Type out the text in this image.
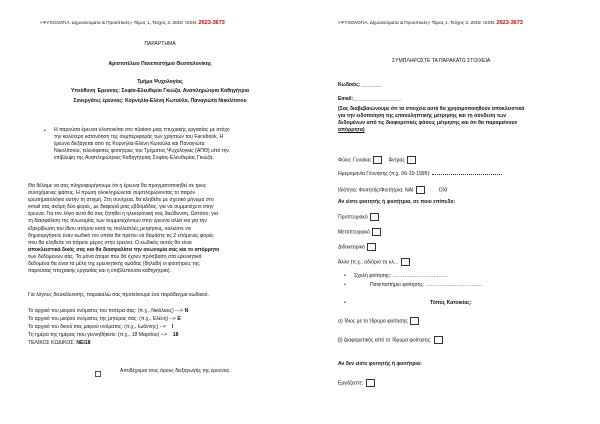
«ΨΥΧΟΛΟΓΙΑ: Δημοσιεύματα & Προοπτικές» Τόμος 1, Τεύχος 3, 2018 ISSN: 2623-3673
ΠΑΡΑΡΤΗΜΑ
Αριστοτέλειο Πανεπιστήμιο Θεσσαλονίκης
Τμήμα Ψυχολογίας
Υπεύθυνη Έρευνας: Σοφία-Ελευθερία Γκιώζα, Αναπληρώτρια Καθηγήτρια
Συνεργάτες έρευνας: Κορνηλία-Ελένη Κωτούλα, Παναγιώτα Νικολίτσιου
• Η παρούσα έρευνα υλοποιείται στο πλαίσιο μιας πτυχιακής εργασίας με στόχο
την καλύτερη κατανόηση της συμπεριφοράς των χρηστών του Facebook. Η
έρευνα διεξάγεται από τις Κορνηλία-Ελένη Κωτούλα και Παναγιώτα
Νικολίτσιου, τελειόφοιτες φοιτήτριες του Τμήματος Ψυχολογίας (ΑΠΘ) υπό την
επίβλεψη της Αναπληρώτριας Καθηγήτριας Σοφίας-Ελευθερίας Γκιώζα.
Θα θέλαμε να σας πληροφορήσουμε ότι η έρευνα θα πραγματοποιηθεί σε τρεις
συνεχόμενες φάσεις. Η πρώτη ολοκληρώνεται συμπληρώνοντας το παρόν
ερωτηματολόγιο αυτήν τη στιγμή. Στη συνέχεια, θα κληθείτε με σχετικό μήνυμα στο
email σας ακόμη δύο φορές, με διαφορά μιας εβδομάδας, για να συμμετέχετε στην
έρευνα. Για τον λόγο αυτό θα σας ζητηθεί η ηλεκτρονική σας διεύθυνση. Ωστόσο, για
τη διασφάλιση της ανωνυμίας των συμμετεχόντων στην έρευνα αλλά και για την
εξακρίβωση του ίδιου ατόμου κατά τις πολλαπλές μετρήσεις, καλείστε να
δημιουργήσετε έναν κωδικό τον οποίο θα πρέπει να θυμάστε τις 2 επόμενες φορές
που θα κληθείτε να πάρετε μέρος στην έρευνα. Ο κωδικός αυτός θα είναι
αποκλειστικά δικός σας και θα διασφαλίσει την ανωνυμία σας και το απόρρητο
των δεδομένων σας. Τα μόνα άτομα που θα έχουν πρόσβαση στα ερευνητικά
δεδομένα θα είναι τα μέλη της ερευνητικής ομάδας (δηλαδή οι φοιτήτριες της
παρούσας πτυχιακής εργασίας και η επιβλέπουσα καθηγήτρια).
Για λόγους διευκόλυνσης, παρακαλώ σας προτείνουμε ένα παράδειγμα κωδικού.
Το αρχικό του μικρού ονόματος του πατέρα σας: (π.χ., Νικόλαος) ---> N
Το αρχικό του μικρού ονόματος της μητέρας σας: (π.χ., Ελένη) --> E
Το αρχικό του δικού σας μικρού ονόματος: (π.χ., Ιωάννης) --> I
Τη ημέρα της ημέρας που γεννηθήκατε: (π.χ., 18 Μαρτίου) --> 18
ΤΕΛΙΚΟΣ ΚΩΔΙΚΟΣ: NEI18
Αποδέχομαι τους όρους διεξαγωγής της έρευνας.
«ΨΥΧΟΛΟΓΙΑ: Δημοσιεύματα & Προοπτικές» Τόμος 1, Τεύχος 3, 2018 ISSN: 2623-3673
ΣΥΜΠΛΗΡΩΣΤΕ ΤΑ ΠΑΡΑΚΑΤΩ ΣΤΟΙΧΕΙΑ
Κωδικός: _______
Email:_________________
(Σας διαβεβαιώνουμε ότι τα στοιχεία αυτά θα χρησιμοποιηθούν αποκλειστικά
για την ειδοποίηση της επαναληπτικής μέτρησης και τη σύνδεση των
δεδομένων από τις διαφορετικές φάσεις μέτρησης και ότι θα παραμείνουν
απόρρητα)
Φύλο: Γυναίκα	Άντρας
Ημερομηνία Γέννησης (π.χ. 06-10-1995):
Ιδιότητα: Φοιτητής/Φοιτήτρια: ΝΑΙ	ΟΧΙ
Αν είστε φοιτητής ή φοιτήτρια, σε ποιο επίπεδο:
Προπτυχιακό
Μεταπτυχιακό
Διδακτορικό
Άλλο (π.χ., αδιόρισ τη κλ...
• Σχολή φοίτησης: ……………………………
•	Πανεπιστήμιο φοίτησης: ……………………………
•	Τόπος Κατοικίας:
α) Ίδιος με το Ίδρυμα φοίτησης
β) Διαφορετικός από το Ίδρυμα φοίτησης:
Αν δεν είστε φοιτητής ή φοιτήτρια:
Εργάζεστε:
